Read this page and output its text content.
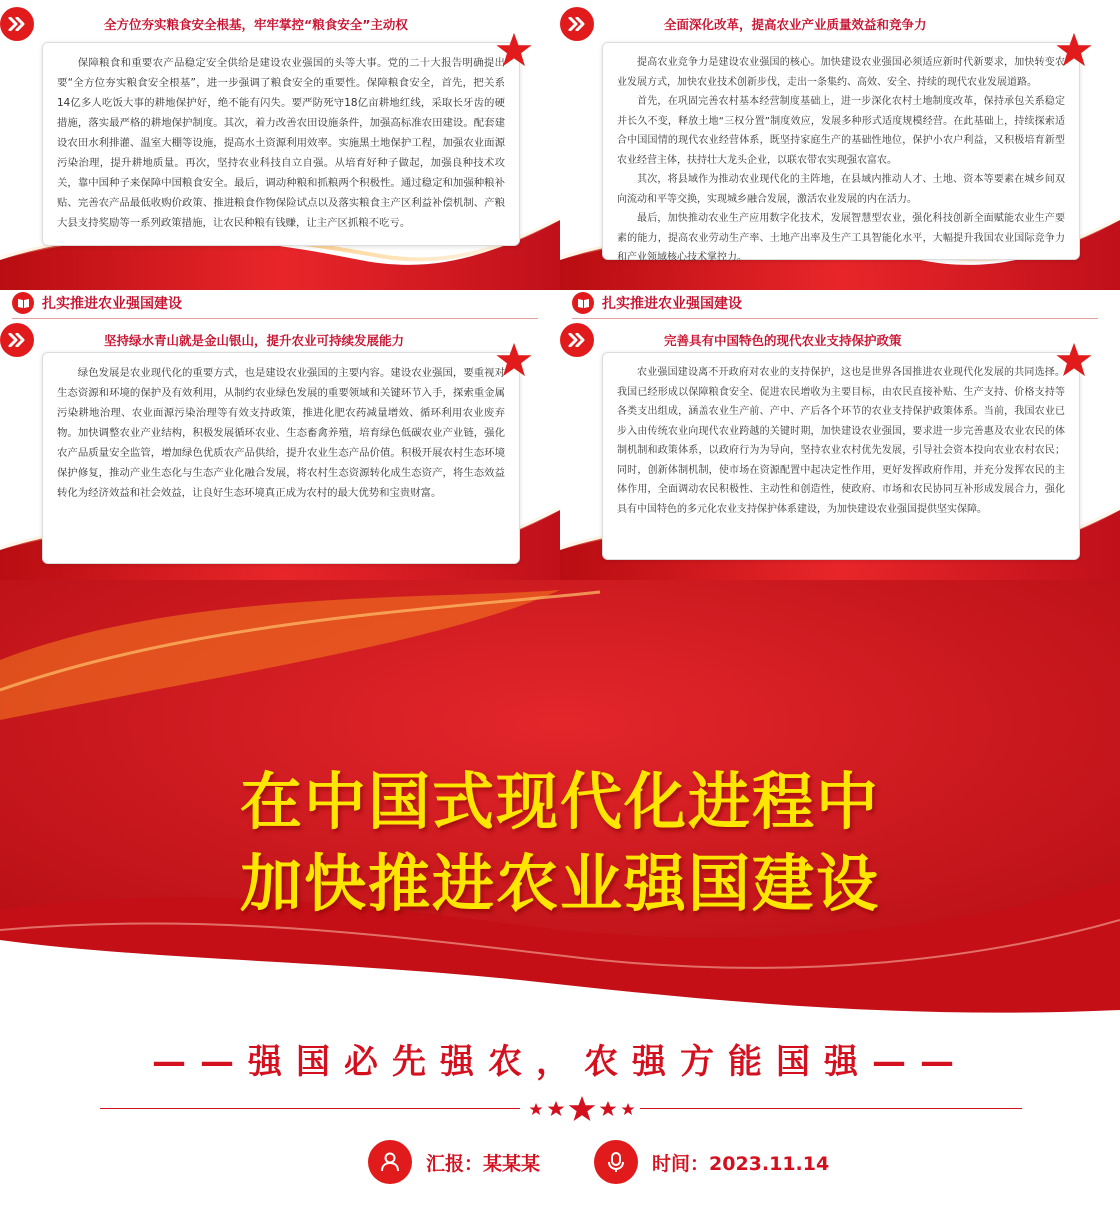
全方位夯实粮食安全根基，牢牢掌控“粮食安全”主动权

保障粮食和重要农产品稳定安全供给是建设农业强国的头等大事。党的二十大报告明确提出要“全方位夯实粮食安全根基”，进一步强调了粮食安全的重要性。保障粮食安全，首先，把关系14亿多人吃饭大事的耕地保护好，绝不能有闪失。要严防死守18亿亩耕地红线，采取长牙齿的硬措施，落实最严格的耕地保护制度。其次，着力改善农田设施条件，加强高标准农田建设。配套建设农田水利排灌、温室大棚等设施，提高水土资源利用效率。实施黑土地保护工程，加强农业面源污染治理，提升耕地质量。再次，坚持农业科技自立自强。从培育好种子做起，加强良种技术攻关，靠中国种子来保障中国粮食安全。最后，调动种粮和抓粮两个积极性。通过稳定和加强种粮补贴、完善农产品最低收购价政策、推进粮食作物保险试点以及落实粮食主产区利益补偿机制、产粮大县支持奖励等一系列政策措施，让农民种粮有钱赚，让主产区抓粮不吃亏。

全面深化改革，提高农业产业质量效益和竞争力

提高农业竞争力是建设农业强国的核心。加快建设农业强国必须适应新时代新要求，加快转变农业发展方式，加快农业技术创新步伐，走出一条集约、高效、安全、持续的现代农业发展道路。

首先，在巩固完善农村基本经营制度基础上，进一步深化农村土地制度改革，保持承包关系稳定并长久不变，释放土地“三权分置”制度效应，发展多种形式适度规模经营。在此基础上，持续探索适合中国国情的现代农业经营体系，既坚持家庭生产的基础性地位，保护小农户利益，又积极培育新型农业经营主体，扶持壮大龙头企业，以联农带农实现强农富农。

其次，将县域作为推动农业现代化的主阵地，在县域内推动人才、土地、资本等要素在城乡间双向流动和平等交换，实现城乡融合发展，激活农业发展的内在活力。

最后，加快推动农业生产应用数字化技术，发展智慧型农业，强化科技创新全面赋能农业生产要素的能力，提高农业劳动生产率、土地产出率及生产工具智能化水平，大幅提升我国农业国际竞争力和产业领域核心技术掌控力。

扎实推进农业强国建设
坚持绿水青山就是金山银山，提升农业可持续发展能力

绿色发展是农业现代化的重要方式，也是建设农业强国的主要内容。建设农业强国，要重视对生态资源和环境的保护及有效利用，从制约农业绿色发展的重要领域和关键环节入手，探索重金属污染耕地治理、农业面源污染治理等有效支持政策，推进化肥农药减量增效、循环利用农业废弃物。加快调整农业产业结构，积极发展循环农业、生态畜禽养殖，培育绿色低碳农业产业链，强化农产品质量安全监管，增加绿色优质农产品供给，提升农业生态产品价值。积极开展农村生态环境保护修复，推动产业生态化与生态产业化融合发展，将农村生态资源转化成生态资产，将生态效益转化为经济效益和社会效益，让良好生态环境真正成为农村的最大优势和宝贵财富。

扎实推进农业强国建设
完善具有中国特色的现代农业支持保护政策

农业强国建设离不开政府对农业的支持保护，这也是世界各国推进农业现代化发展的共同选择。我国已经形成以保障粮食安全、促进农民增收为主要目标，由农民直接补贴、生产支持、价格支持等各类支出组成，涵盖农业生产前、产中、产后各个环节的农业支持保护政策体系。当前，我国农业已步入由传统农业向现代农业跨越的关键时期，加快建设农业强国，要求进一步完善惠及农业农民的体制机制和政策体系，以政府行为为导向，坚持农业农村优先发展，引导社会资本投向农业农村农民；同时，创新体制机制，使市场在资源配置中起决定性作用，更好发挥政府作用，并充分发挥农民的主体作用，全面调动农民积极性、主动性和创造性，使政府、市场和农民协同互补形成发展合力，强化具有中国特色的多元化农业支持保护体系建设，为加快建设农业强国提供坚实保障。

在中国式现代化进程中
加快推进农业强国建设
——强国必先强农，农强方能国强——
汇报：某某某	时间：2023.11.14
